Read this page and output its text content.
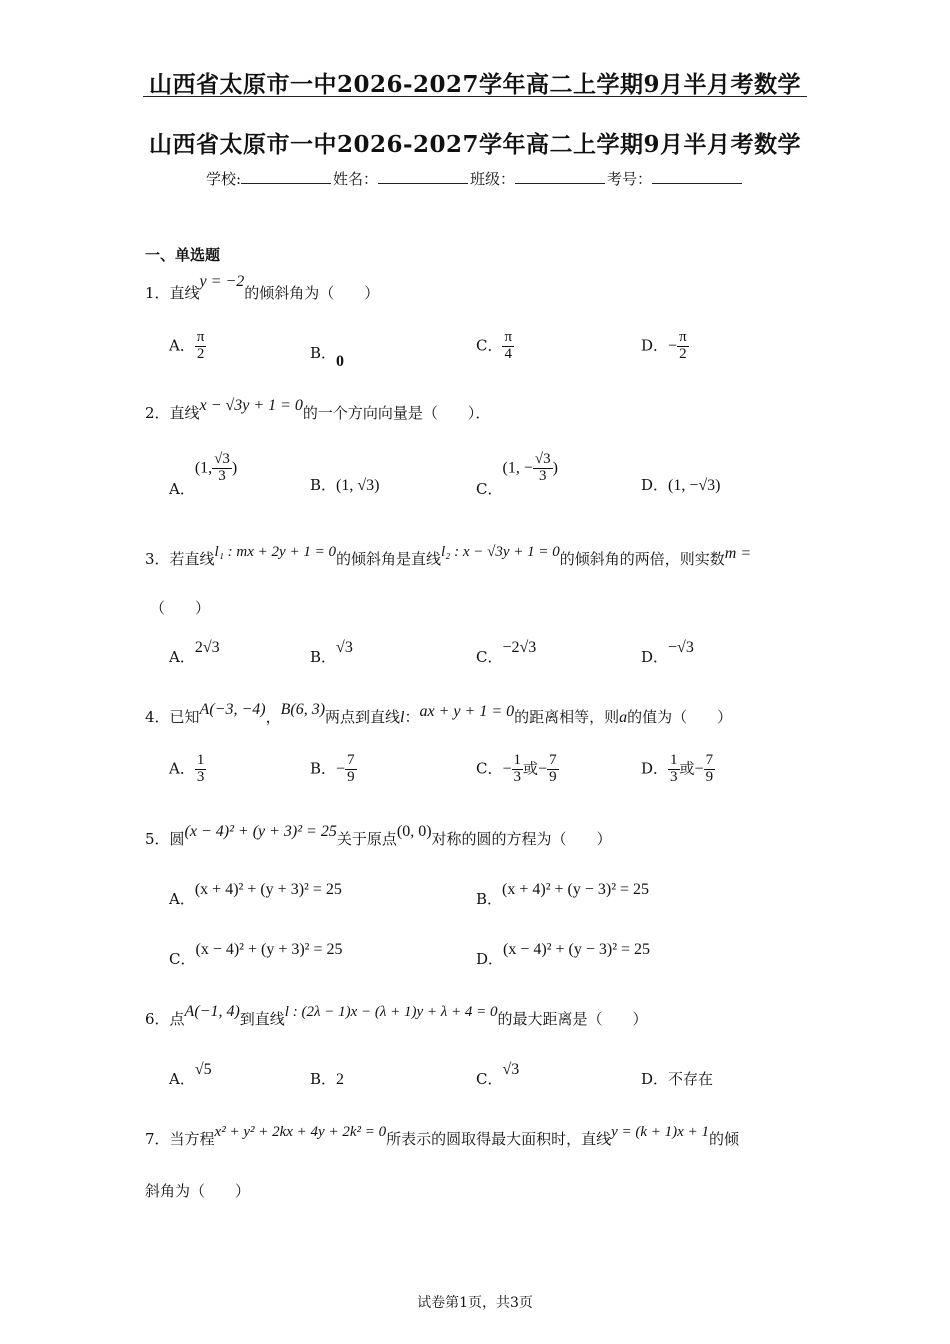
山西省太原市一中2026-2027学年高二上学期9月半月考数学
山西省太原市一中2026-2027学年高二上学期9月半月考数学
学校:	姓名：	班级：	考号：
一、单选题
1．直线y = −2的倾斜角为（　　）
A． $\frac{\pi}{2}$	B．0
C． $\frac{\pi}{4}$	D．− $\frac{\pi}{2}$
2．直线x − √3y + 1 = 0的一个方向向量是（　　）．
A．(1, $\frac{√3}{3}$ )
B．(1, √3)	C．(1, − $\frac{√3}{3}$ )
D．(1, −√3)
3．若直线l₁ : mx + 2y + 1 = 0的倾斜角是直线l₂ : x − √3y + 1 = 0的倾斜角的两倍，则实数m =
（　　）
A．2√3
B．√3
C．−2√3
D．−√3
4．已知A(−3, −4)，B(6, 3)两点到直线l：ax + y + 1 = 0的距离相等，则a的值为（　　）
A． $\frac{1}{3}$	B．− $\frac{7}{9}$	C．− $\frac{1}{3}$ 或− $\frac{7}{9}$	D． $\frac{1}{3}$ 或− $\frac{7}{9}$
5．圆(x − 4)² + (y + 3)² = 25关于原点(0, 0)对称的圆的方程为（　　）
A．(x + 4)² + (y + 3)² = 25
B．(x + 4)² + (y − 3)² = 25
C．(x − 4)² + (y + 3)² = 25
D．(x − 4)² + (y − 3)² = 25
6．点A(−1, 4)到直线l : (2λ − 1)x − (λ + 1)y + λ + 4 = 0的最大距离是（　　）
A．√5
B．2	C．√3
D．不存在
7．当方程x² + y² + 2kx + 4y + 2k² = 0所表示的圆取得最大面积时，直线y = (k + 1)x + 1的倾
斜角为（　　）
试卷第1页，共3页
